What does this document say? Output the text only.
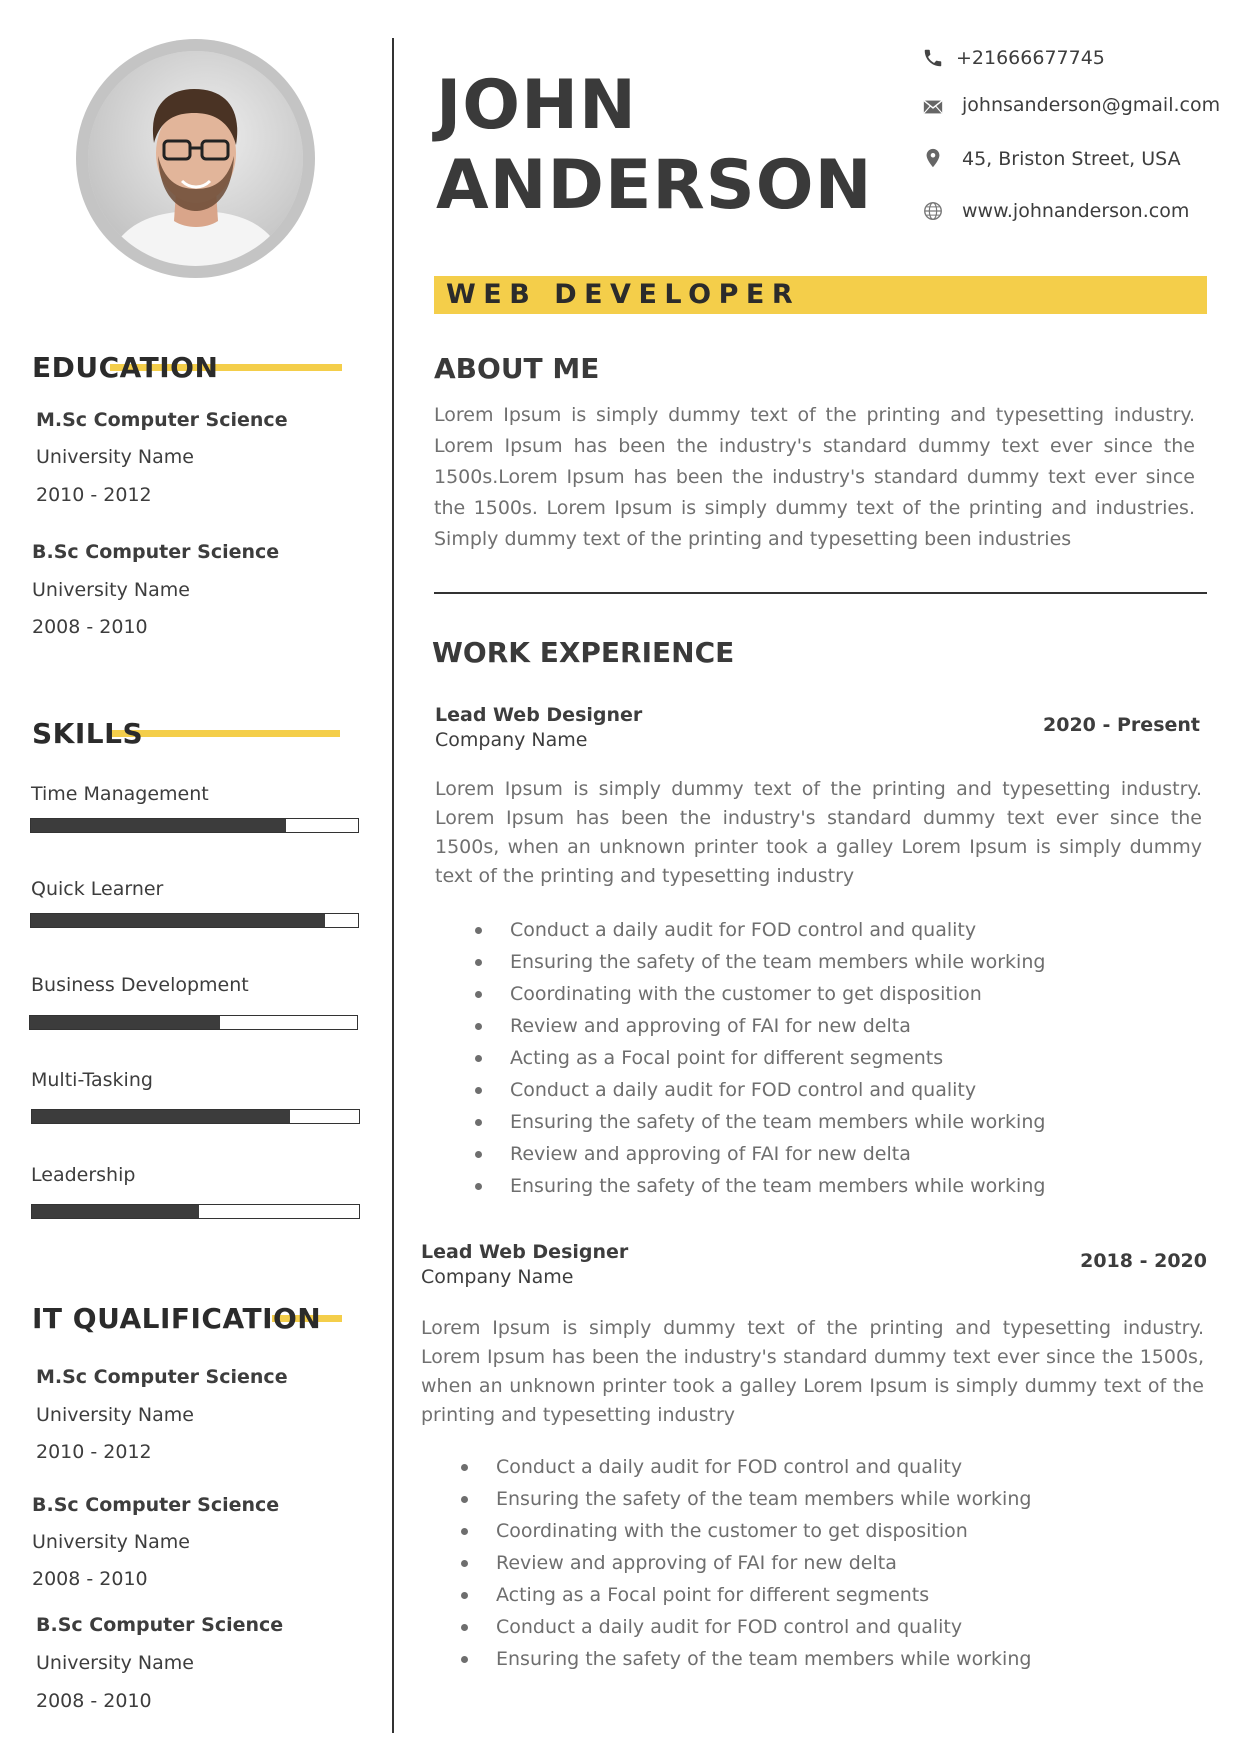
EDUCATION
M.Sc Computer Science
University Name
2010 - 2012
B.Sc Computer Science
University Name
2008 - 2010
SKILLS
Time Management
Quick Learner
Business Development
Multi-Tasking
Leadership
IT QUALIFICATION
M.Sc Computer Science
University Name
2010 - 2012
B.Sc Computer Science
University Name
2008 - 2010
B.Sc Computer Science
University Name
2008 - 2010
JOHN
ANDERSON
+21666677745
johnsanderson@gmail.com
45, Briston Street, USA
www.johnanderson.com
WEB DEVELOPER
ABOUT ME
Lorem Ipsum is simply dummy text of the printing and typesetting industry. Lorem Ipsum has been the industry's standard dummy text ever since the 1500s.Lorem Ipsum has been the industry's standard dummy text ever since the 1500s. Lorem Ipsum is simply dummy text of the printing and industries. Simply dummy text of the printing and typesetting been industries
WORK EXPERIENCE
Lead Web Designer
Company Name
2020 - Present
Lorem Ipsum is simply dummy text of the printing and typesetting industry. Lorem Ipsum has been the industry's standard dummy text ever since the 1500s, when an unknown printer took a galley Lorem Ipsum is simply dummy text of the printing and typesetting industry
Conduct a daily audit for FOD control and quality
Ensuring the safety of the team members while working
Coordinating with the customer to get disposition
Review and approving of FAI for new delta
Acting as a Focal point for different segments
Conduct a daily audit for FOD control and quality
Ensuring the safety of the team members while working
Review and approving of FAI for new delta
Ensuring the safety of the team members while working
Lead Web Designer
Company Name
2018 - 2020
Lorem Ipsum is simply dummy text of the printing and typesetting industry. Lorem Ipsum has been the industry's standard dummy text ever since the 1500s, when an unknown printer took a galley Lorem Ipsum is simply dummy text of the printing and typesetting industry
Conduct a daily audit for FOD control and quality
Ensuring the safety of the team members while working
Coordinating with the customer to get disposition
Review and approving of FAI for new delta
Acting as a Focal point for different segments
Conduct a daily audit for FOD control and quality
Ensuring the safety of the team members while working
